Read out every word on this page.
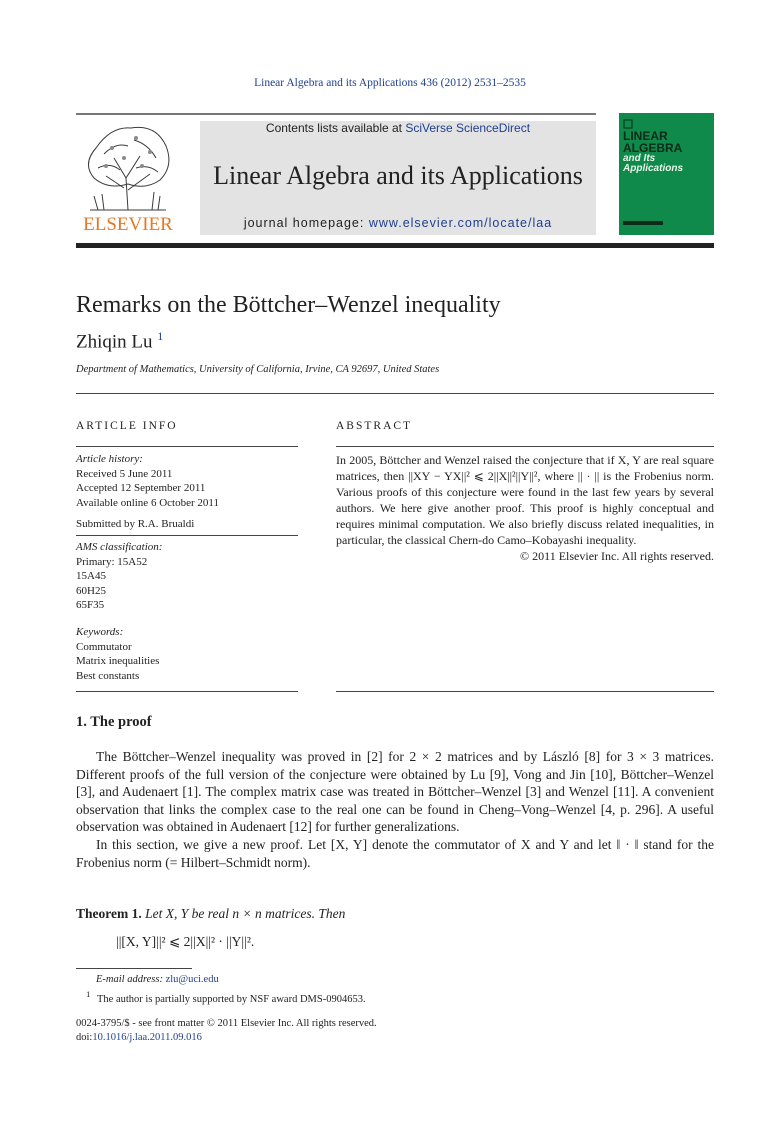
Linear Algebra and its Applications 436 (2012) 2531–2535
ELSEVIER
Contents lists available at SciVerse ScienceDirect
Linear Algebra and its Applications
journal homepage: www.elsevier.com/locate/laa
LINEAR
ALGEBRA
and Its
Applications
Remarks on the Böttcher–Wenzel inequality
Zhiqin Lu $^1$
Department of Mathematics, University of California, Irvine, CA 92697, United States
ARTICLE INFO

Article history:

Received 5 June 2011

Accepted 12 September 2011

Available online 6 October 2011

Submitted by R.A. Brualdi

AMS classification:

Primary: 15A52

15A45

60H25

65F35

Keywords:

Commutator

Matrix inequalities

Best constants

ABSTRACT
In 2005, Böttcher and Wenzel raised the conjecture that if X, Y are real square matrices, then ||XY − YX||² ⩽ 2||X||²||Y||², where || · || is the Frobenius norm. Various proofs of this conjecture were found in the last few years by several authors. We here give another proof. This proof is highly conceptual and requires minimal computation. We also briefly discuss related inequalities, in particular, the classical Chern-do Camo–Kobayashi inequality.
© 2011 Elsevier Inc. All rights reserved.
1. The proof

The Böttcher–Wenzel inequality was proved in [2] for 2 × 2 matrices and by László [8] for 3 × 3 matrices. Different proofs of the full version of the conjecture were obtained by Lu [9], Vong and Jin [10], Böttcher–Wenzel [3], and Audenaert [1]. The complex matrix case was treated in Böttcher–Wenzel [3] and Wenzel [11]. A convenient observation that links the complex case to the real one can be found in Cheng–Vong–Wenzel [4, p. 296]. A useful observation was obtained in Audenaert [12] for further generalizations.

In this section, we give a new proof. Let [X, Y] denote the commutator of X and Y and let ‖ · ‖ stand for the Frobenius norm (= Hilbert–Schmidt norm).

Theorem 1. Let X, Y be real n × n matrices. Then
||[X, Y]||² ⩽ 2||X||² · ||Y||².
E-mail address: zlu@uci.edu
$^1$ The author is partially supported by NSF award DMS-0904653.
0024-3795/$ - see front matter © 2011 Elsevier Inc. All rights reserved.
doi:10.1016/j.laa.2011.09.016
